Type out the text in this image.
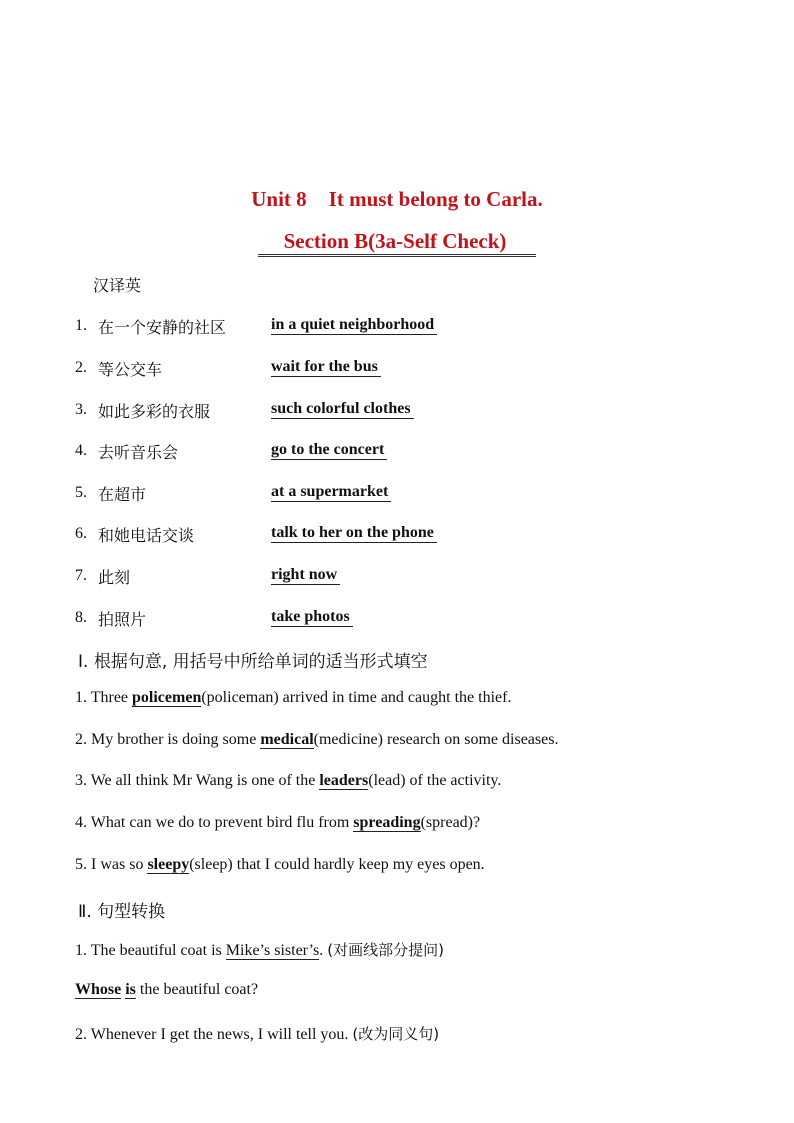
Unit 8 It must belong to Carla.
Section B(3a-Self Check)
汉译英
1. 在一个安静的社区	in a quiet neighborhood
2. 等公交车	wait for the bus
3. 如此多彩的衣服	such colorful clothes
4. 去听音乐会	go to the concert
5. 在超市	at a supermarket
6. 和她电话交谈	talk to her on the phone
7. 此刻	right now
8. 拍照片	take photos
Ⅰ. 根据句意, 用括号中所给单词的适当形式填空
1. Three policemen(policeman) arrived in time and caught the thief.
2. My brother is doing some medical(medicine) research on some diseases.
3. We all think Mr Wang is one of the leaders(lead) of the activity.
4. What can we do to prevent bird flu from spreading(spread)?
5. I was so sleepy(sleep) that I could hardly keep my eyes open.
Ⅱ. 句型转换
1. The beautiful coat is Mike’s sister’s. (对画线部分提问)
Whose is the beautiful coat?
2. Whenever I get the news, I will tell you. (改为同义句)
